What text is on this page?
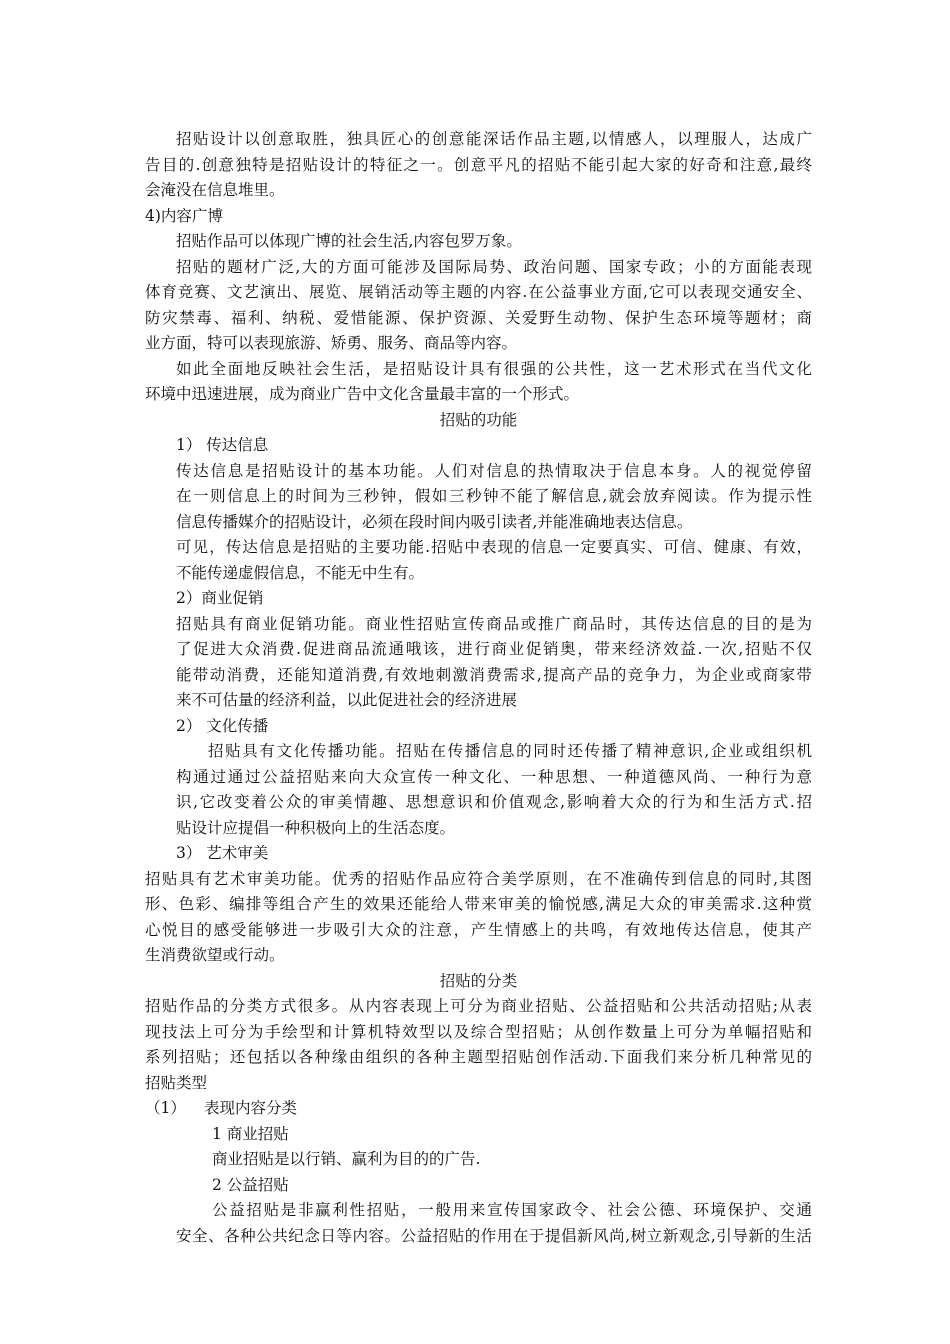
招贴设计以创意取胜，独具匠心的创意能深话作品主题,以情感人，以理服人，达成广
告目的.创意独特是招贴设计的特征之一。创意平凡的招贴不能引起大家的好奇和注意,最终
会淹没在信息堆里。
4)内容广博
招贴作品可以体现广博的社会生活,内容包罗万象。
招贴的题材广泛,大的方面可能涉及国际局势、政治问题、国家专政；小的方面能表现
体育竞赛、文艺演出、展览、展销活动等主题的内容.在公益事业方面,它可以表现交通安全、
防灾禁毒、福利、纳税、爱惜能源、保护资源、关爱野生动物、保护生态环境等题材；商
业方面，特可以表现旅游、矫勇、服务、商品等内容。
如此全面地反映社会生活，是招贴设计具有很强的公共性，这一艺术形式在当代文化
环境中迅速进展，成为商业广告中文化含量最丰富的一个形式。
招贴的功能
1） 传达信息
传达信息是招贴设计的基本功能。人们对信息的热情取决于信息本身。人的视觉停留
在一则信息上的时间为三秒钟，假如三秒钟不能了解信息,就会放弃阅读。作为提示性
信息传播媒介的招贴设计，必须在段时间内吸引读者,并能准确地表达信息。
可见，传达信息是招贴的主要功能.招贴中表现的信息一定要真实、可信、健康、有效，
不能传递虚假信息，不能无中生有。
2）商业促销
招贴具有商业促销功能。商业性招贴宣传商品或推广商品时，其传达信息的目的是为
了促进大众消费.促进商品流通哦该，进行商业促销奥，带来经济效益.一次,招贴不仅
能带动消费，还能知道消费,有效地刺激消费需求,提高产品的竞争力，为企业或商家带
来不可估量的经济利益，以此促进社会的经济进展
2） 文化传播
招贴具有文化传播功能。招贴在传播信息的同时还传播了精神意识,企业或组织机
构通过通过公益招贴来向大众宣传一种文化、一种思想、一种道德风尚、一种行为意
识,它改变着公众的审美情趣、思想意识和价值观念,影响着大众的行为和生活方式.招
贴设计应提倡一种积极向上的生活态度。
3） 艺术审美
招贴具有艺术审美功能。优秀的招贴作品应符合美学原则，在不准确传到信息的同时,其图
形、色彩、编排等组合产生的效果还能给人带来审美的愉悦感,满足大众的审美需求.这种赏
心悦目的感受能够进一步吸引大众的注意，产生情感上的共鸣，有效地传达信息，使其产
生消费欲望或行动。
招贴的分类
招贴作品的分类方式很多。从内容表现上可分为商业招贴、公益招贴和公共活动招贴;从表
现技法上可分为手绘型和计算机特效型以及综合型招贴；从创作数量上可分为单幅招贴和
系列招贴；还包括以各种缘由组织的各种主题型招贴创作活动.下面我们来分析几种常见的
招贴类型
（1） 表现内容分类
1 商业招贴
商业招贴是以行销、赢利为目的的广告.
2 公益招贴
公益招贴是非赢利性招贴，一般用来宣传国家政令、社会公德、环境保护、交通
安全、各种公共纪念日等内容。公益招贴的作用在于提倡新风尚,树立新观念,引导新的生活
